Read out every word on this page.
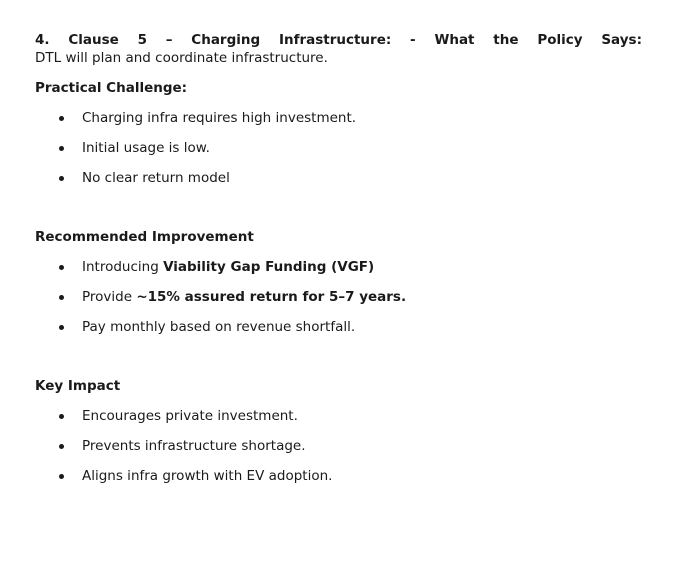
4. Clause 5 – Charging Infrastructure: - What the Policy Says:
DTL will plan and coordinate infrastructure.
Practical Challenge:
Charging infra requires high investment.
Initial usage is low.
No clear return model
Recommended Improvement
Introducing Viability Gap Funding (VGF)
Provide ~15% assured return for 5–7 years.
Pay monthly based on revenue shortfall.
Key Impact
Encourages private investment.
Prevents infrastructure shortage.
Aligns infra growth with EV adoption.
